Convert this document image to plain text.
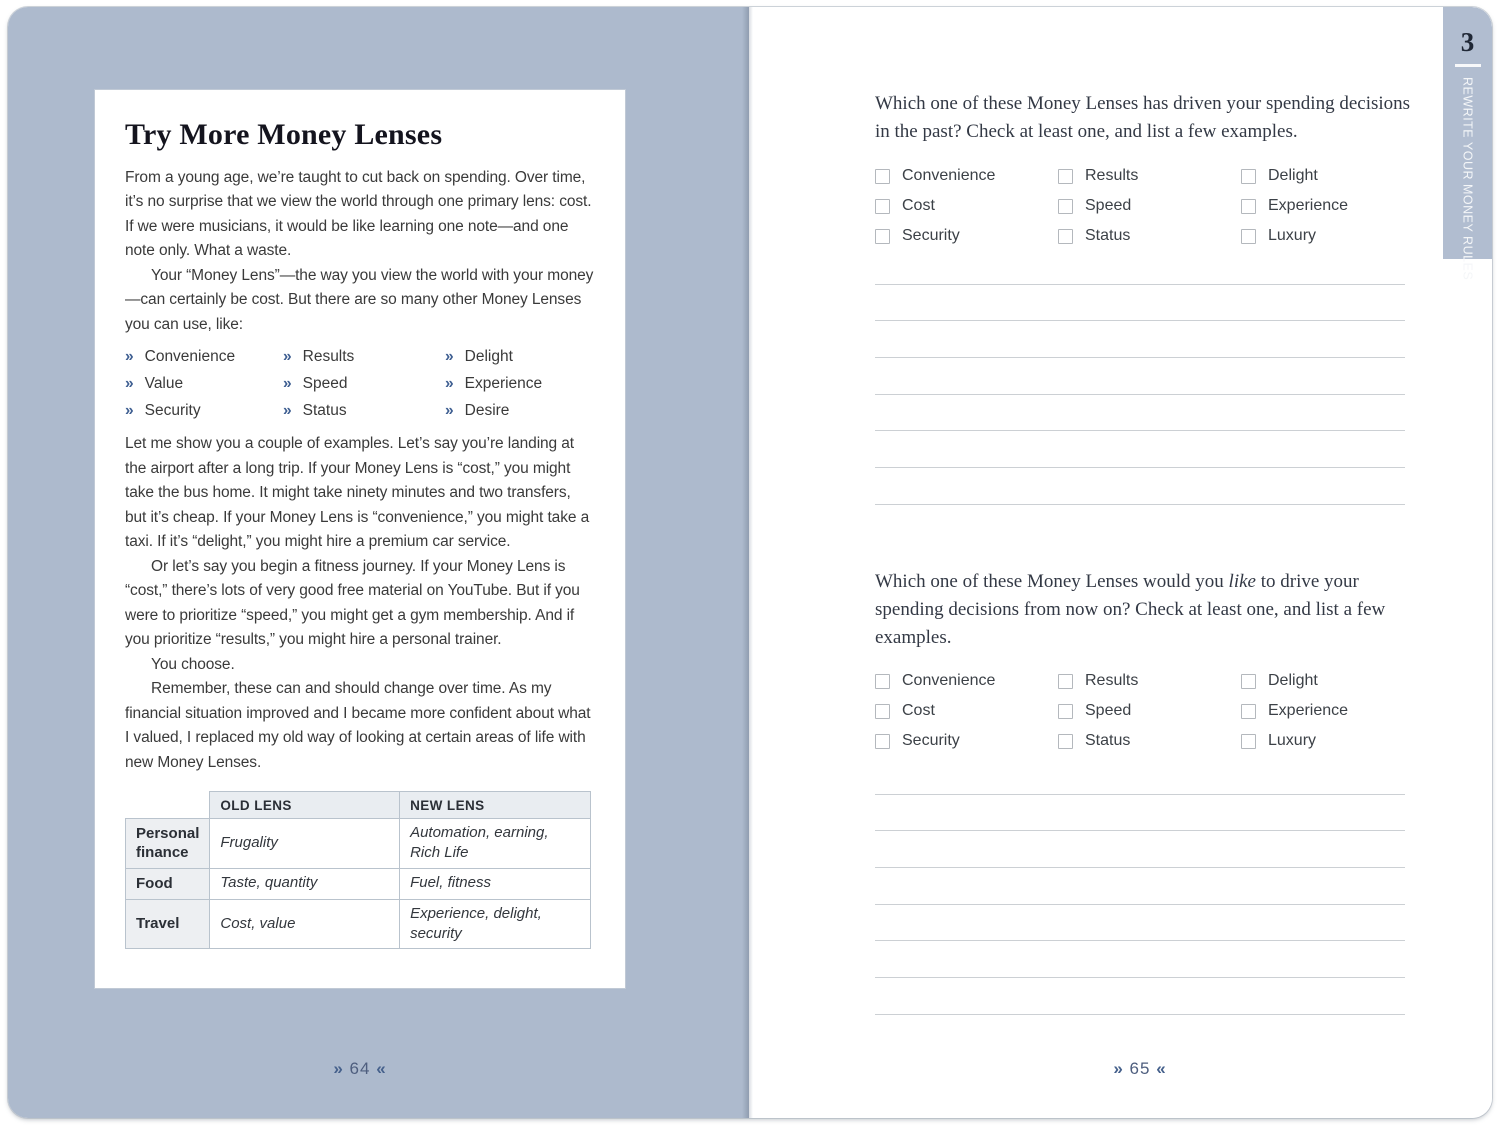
Try More Money Lenses

From a young age, we’re taught to cut back on spending. Over time, it’s no surprise that we view the world through one primary lens: cost. If we were musicians, it would be like learning one note—and one note only. What a waste.

Your “Money Lens”—the way you view the world with your money—can certainly be cost. But there are so many other Money Lenses you can use, like:

» Convenience	» Results	» Delight
» Value	» Speed	» Experience
» Security	» Status	» Desire

Let me show you a couple of examples. Let’s say you’re landing at the airport after a long trip. If your Money Lens is “cost,” you might take the bus home. It might take ninety minutes and two transfers, but it’s cheap. If your Money Lens is “convenience,” you might take a taxi. If it’s “delight,” you might hire a premium car service.

Or let’s say you begin a fitness journey. If your Money Lens is “cost,” there’s lots of very good free material on YouTube. But if you were to prioritize “speed,” you might get a gym membership. And if you prioritize “results,” you might hire a personal trainer.

You choose.

Remember, these can and should change over time. As my financial situation improved and I became more confident about what I valued, I replaced my old way of looking at certain areas of life with new Money Lenses.

	OLD LENS	NEW LENS
Personal finance	Frugality	Automation, earning, Rich Life
Food	Taste, quantity	Fuel, fitness
Travel	Cost, value	Experience, delight, security
» 64 «
Which one of these Money Lenses has driven your spending decisions
in the past? Check at least one, and list a few examples.
Convenience	Results	Delight
Cost	Speed	Experience
Security	Status	Luxury
Which one of these Money Lenses would you like to drive your
spending decisions from now on? Check at least one, and list a few
examples.
Convenience	Results	Delight
Cost	Speed	Experience
Security	Status	Luxury
» 65 «
3
REWRITE YOUR MONEY RULES
